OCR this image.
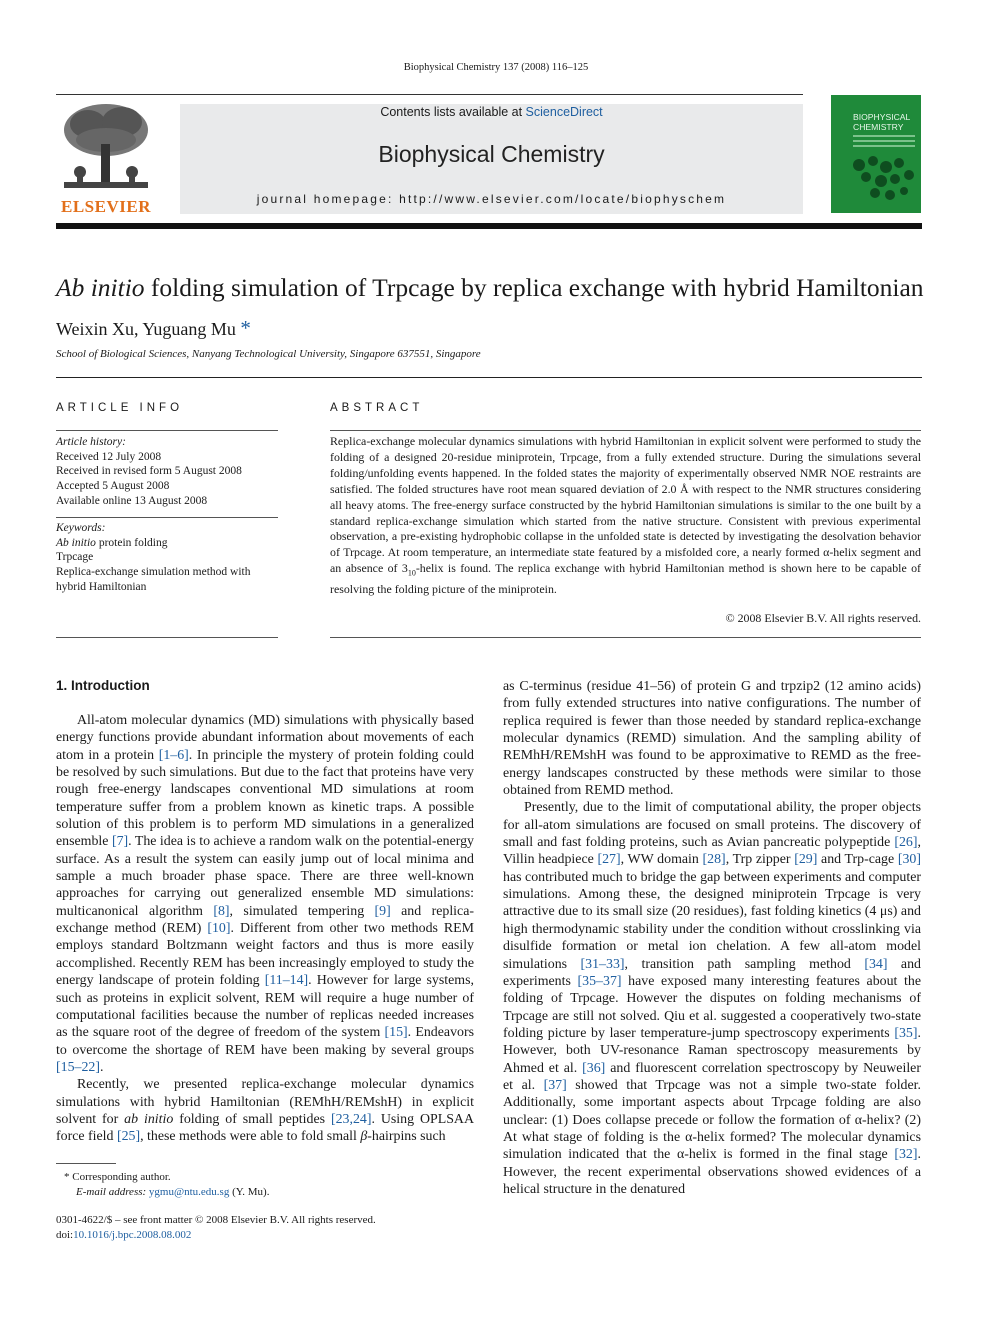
Biophysical Chemistry 137 (2008) 116–125
ELSEVIER
Contents lists available at ScienceDirect
Biophysical Chemistry
journal homepage: http://www.elsevier.com/locate/biophyschem
BIOPHYSICAL
CHEMISTRY
Ab initio folding simulation of Trpcage by replica exchange with hybrid Hamiltonian
Weixin Xu, Yuguang Mu *
School of Biological Sciences, Nanyang Technological University, Singapore 637551, Singapore
ARTICLE INFO
Article history:
Received 12 July 2008
Received in revised form 5 August 2008
Accepted 5 August 2008
Available online 13 August 2008
Keywords:
Ab initio protein folding
Trpcage
Replica-exchange simulation method with
hybrid Hamiltonian
ABSTRACT
Replica-exchange molecular dynamics simulations with hybrid Hamiltonian in explicit solvent were performed to study the folding of a designed 20-residue miniprotein, Trpcage, from a fully extended structure. During the simulations several folding/unfolding events happened. In the folded states the majority of experimentally observed NMR NOE restraints are satisfied. The folded structures have root mean squared deviation of 2.0 Å with respect to the NMR structures considering all heavy atoms. The free-energy surface constructed by the hybrid Hamiltonian simulations is similar to the one built by a standard replica-exchange simulation which started from the native structure. Consistent with previous experimental observation, a pre-existing hydrophobic collapse in the unfolded state is detected by investigating the desolvation behavior of Trpcage. At room temperature, an intermediate state featured by a misfolded core, a nearly formed α-helix segment and an absence of $3_{10}$-helix is found. The replica exchange with hybrid Hamiltonian method is shown here to be capable of resolving the folding picture of the miniprotein.
© 2008 Elsevier B.V. All rights reserved.
1. Introduction

All-atom molecular dynamics (MD) simulations with physically based energy functions provide abundant information about movements of each atom in a protein [1–6]. In principle the mystery of protein folding could be resolved by such simulations. But due to the fact that proteins have very rough free-energy landscapes conventional MD simulations at room temperature suffer from a problem known as kinetic traps. A possible solution of this problem is to perform MD simulations in a generalized ensemble [7]. The idea is to achieve a random walk on the potential-energy surface. As a result the system can easily jump out of local minima and sample a much broader phase space. There are three well-known approaches for carrying out generalized ensemble MD simulations: multicanonical algorithm [8], simulated tempering [9] and replica-exchange method (REM) [10]. Different from other two methods REM employs standard Boltzmann weight factors and thus is more easily accomplished. Recently REM has been increasingly employed to study the energy landscape of protein folding [11–14]. However for large systems, such as proteins in explicit solvent, REM will require a huge number of computational facilities because the number of replicas needed increases as the square root of the degree of freedom of the system [15]. Endeavors to overcome the shortage of REM have been making by several groups [15–22].

Recently, we presented replica-exchange molecular dynamics simulations with hybrid Hamiltonian (REMhH/REMshH) in explicit solvent for ab initio folding of small peptides [23,24]. Using OPLSAA force field [25], these methods were able to fold small β-hairpins such

as C-terminus (residue 41–56) of protein G and trpzip2 (12 amino acids) from fully extended structures into native configurations. The number of replica required is fewer than those needed by standard replica-exchange molecular dynamics (REMD) simulation. And the sampling ability of REMhH/REMshH was found to be approximative to REMD as the free-energy landscapes constructed by these methods were similar to those obtained from REMD method.

Presently, due to the limit of computational ability, the proper objects for all-atom simulations are focused on small proteins. The discovery of small and fast folding proteins, such as Avian pancreatic polypeptide [26], Villin headpiece [27], WW domain [28], Trp zipper [29] and Trp-cage [30] has contributed much to bridge the gap between experiments and computer simulations. Among these, the designed miniprotein Trpcage is very attractive due to its small size (20 residues), fast folding kinetics (4 μs) and high thermodynamic stability under the condition without crosslinking via disulfide formation or metal ion chelation. A few all-atom model simulations [31–33], transition path sampling method [34] and experiments [35–37] have exposed many interesting features about the folding of Trpcage. However the disputes on folding mechanisms of Trpcage are still not solved. Qiu et al. suggested a cooperatively two-state folding picture by laser temperature-jump spectroscopy experiments [35]. However, both UV-resonance Raman spectroscopy measurements by Ahmed et al. [36] and fluorescent correlation spectroscopy by Neuweiler et al. [37] showed that Trpcage was not a simple two-state folder. Additionally, some important aspects about Trpcage folding are also unclear: (1) Does collapse precede or follow the formation of α-helix? (2) At what stage of folding is the α-helix formed? The molecular dynamics simulation indicated that the α-helix is formed in the final stage [32]. However, the recent experimental observations showed evidences of a helical structure in the denatured

* Corresponding author.
E-mail address: ygmu@ntu.edu.sg (Y. Mu).
0301-4622/$ – see front matter © 2008 Elsevier B.V. All rights reserved.
doi:10.1016/j.bpc.2008.08.002
